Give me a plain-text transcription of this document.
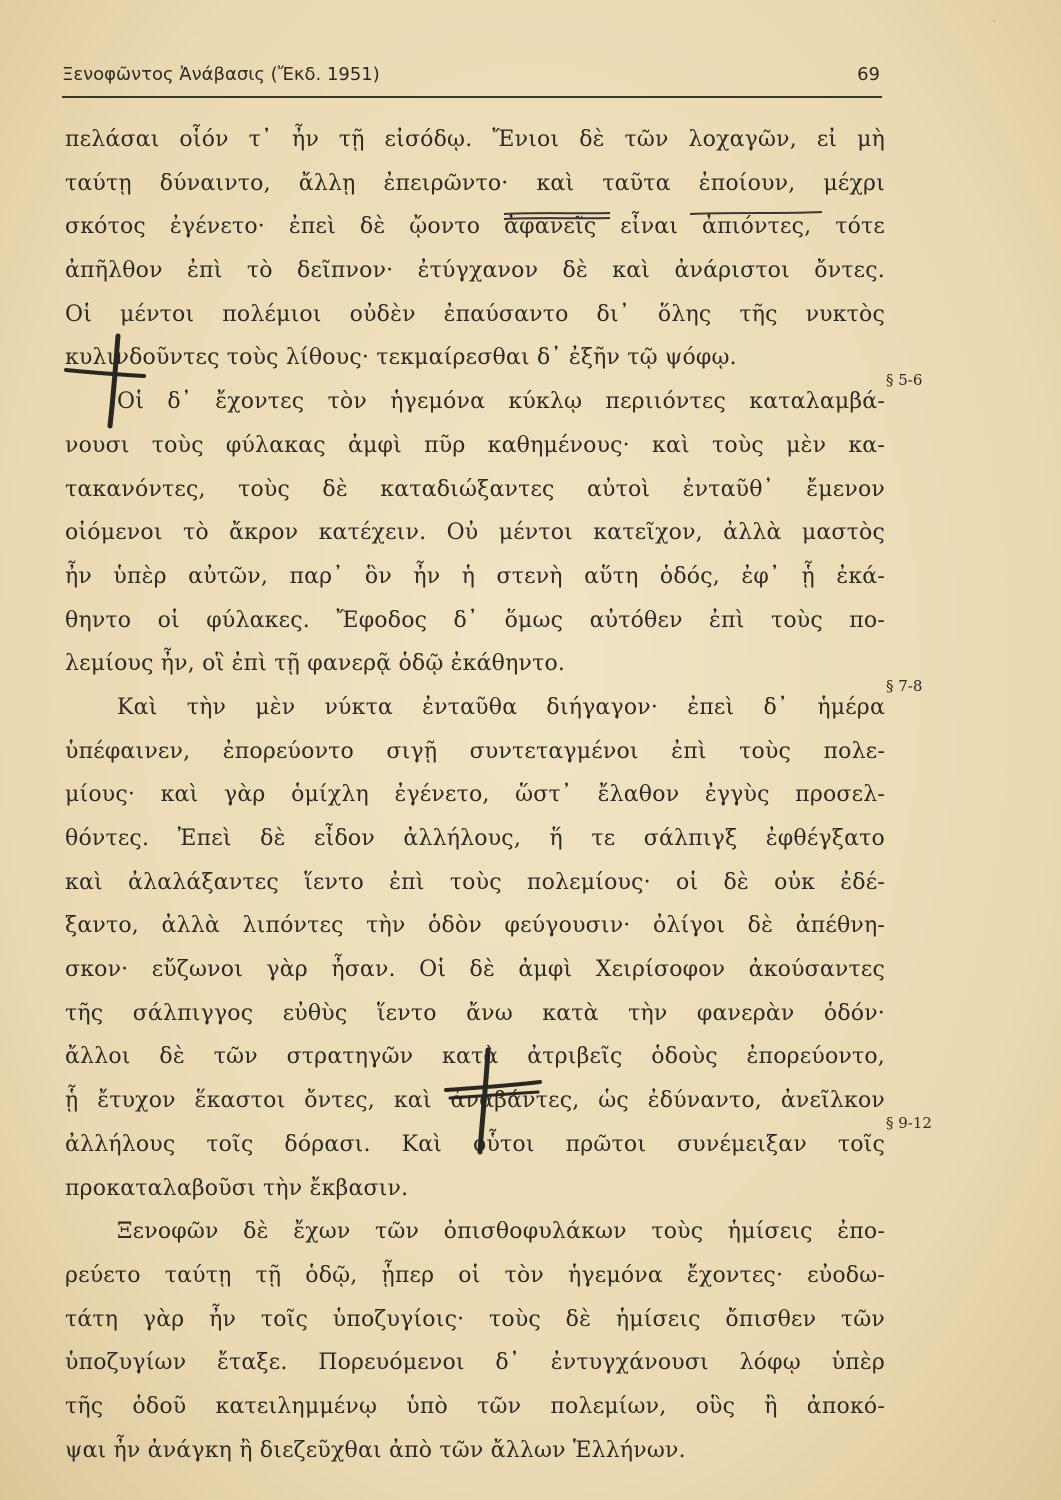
·
Ξενοφῶντος Ἀνάβασις (Ἔκδ. 1951)	69
πελάσαι οἷόν τ᾽ ἦν τῇ εἰσόδῳ. Ἔνιοι δὲ τῶν λοχαγῶν, εἰ μὴ
ταύτῃ δύναιντο, ἄλλῃ ἐπειρῶντο· καὶ ταῦτα ἐποίουν, μέχρι
σκότος ἐγένετο· ἐπεὶ δὲ ᾤοντο ἀφανεῖς εἶναι ἀπιόντες, τότε
ἀπῆλθον ἐπὶ τὸ δεῖπνον· ἐτύγχανον δὲ καὶ ἀνάριστοι ὄντες.
Οἱ μέντοι πολέμιοι οὐδὲν ἐπαύσαντο δι᾽ ὅλης τῆς νυκτὸς
κυλινδοῦντες τοὺς λίθους· τεκμαίρεσθαι δ᾽ ἐξῆν τῷ ψόφῳ.
Οἱ δ᾽ ἔχοντες τὸν ἡγεμόνα κύκλῳ περιιόντες καταλαμβά-
νουσι τοὺς φύλακας ἀμφὶ πῦρ καθημένους· καὶ τοὺς μὲν κα-
τακανόντες, τοὺς δὲ καταδιώξαντες αὐτοὶ ἐνταῦθ᾽ ἔμενον
οἰόμενοι τὸ ἄκρον κατέχειν. Οὐ μέντοι κατεῖχον, ἀλλὰ μαστὸς
ἦν ὑπὲρ αὐτῶν, παρ᾽ ὃν ἦν ἡ στενὴ αὕτη ὁδός, ἐφ᾽ ᾗ ἐκά-
θηντο οἱ φύλακες. Ἔφοδος δ᾽ ὅμως αὐτόθεν ἐπὶ τοὺς πο-
λεμίους ἦν, οἳ ἐπὶ τῇ φανερᾷ ὁδῷ ἐκάθηντο.
Καὶ τὴν μὲν νύκτα ἐνταῦθα διήγαγον· ἐπεὶ δ᾽ ἡμέρα
ὑπέφαινεν, ἐπορεύοντο σιγῇ συντεταγμένοι ἐπὶ τοὺς πολε-
μίους· καὶ γὰρ ὁμίχλη ἐγένετο, ὥστ᾽ ἔλαθον ἐγγὺς προσελ-
θόντες. Ἐπεὶ δὲ εἶδον ἀλλήλους, ἥ τε σάλπιγξ ἐφθέγξατο
καὶ ἀλαλάξαντες ἵεντο ἐπὶ τοὺς πολεμίους· οἱ δὲ οὐκ ἐδέ-
ξαντο, ἀλλὰ λιπόντες τὴν ὁδὸν φεύγουσιν· ὀλίγοι δὲ ἀπέθνη-
σκον· εὔζωνοι γὰρ ἦσαν. Οἱ δὲ ἀμφὶ Χειρίσοφον ἀκούσαντες
τῆς σάλπιγγος εὐθὺς ἵεντο ἄνω κατὰ τὴν φανερὰν ὁδόν·
ἄλλοι δὲ τῶν στρατηγῶν κατὰ ἀτριβεῖς ὁδοὺς ἐπορεύοντο,
ᾗ ἔτυχον ἕκαστοι ὄντες, καὶ ἀναβάντες, ὡς ἐδύναντο, ἀνεῖλκον
ἀλλήλους τοῖς δόρασι. Καὶ οὗτοι πρῶτοι συνέμειξαν τοῖς
προκαταλαβοῦσι τὴν ἔκβασιν.
Ξενοφῶν δὲ ἔχων τῶν ὀπισθοφυλάκων τοὺς ἡμίσεις ἐπο-
ρεύετο ταύτῃ τῇ ὁδῷ, ᾗπερ οἱ τὸν ἡγεμόνα ἔχοντες· εὐοδω-
τάτη γὰρ ἦν τοῖς ὑποζυγίοις· τοὺς δὲ ἡμίσεις ὄπισθεν τῶν
ὑποζυγίων ἔταξε. Πορευόμενοι δ᾽ ἐντυγχάνουσι λόφῳ ὑπὲρ
τῆς ὁδοῦ κατειλημμένῳ ὑπὸ τῶν πολεμίων, οὓς ἢ ἀποκό-
ψαι ἦν ἀνάγκη ἢ διεζεῦχθαι ἀπὸ τῶν ἄλλων Ἑλλήνων.
§ 5-6
§ 7-8
§ 9-12
